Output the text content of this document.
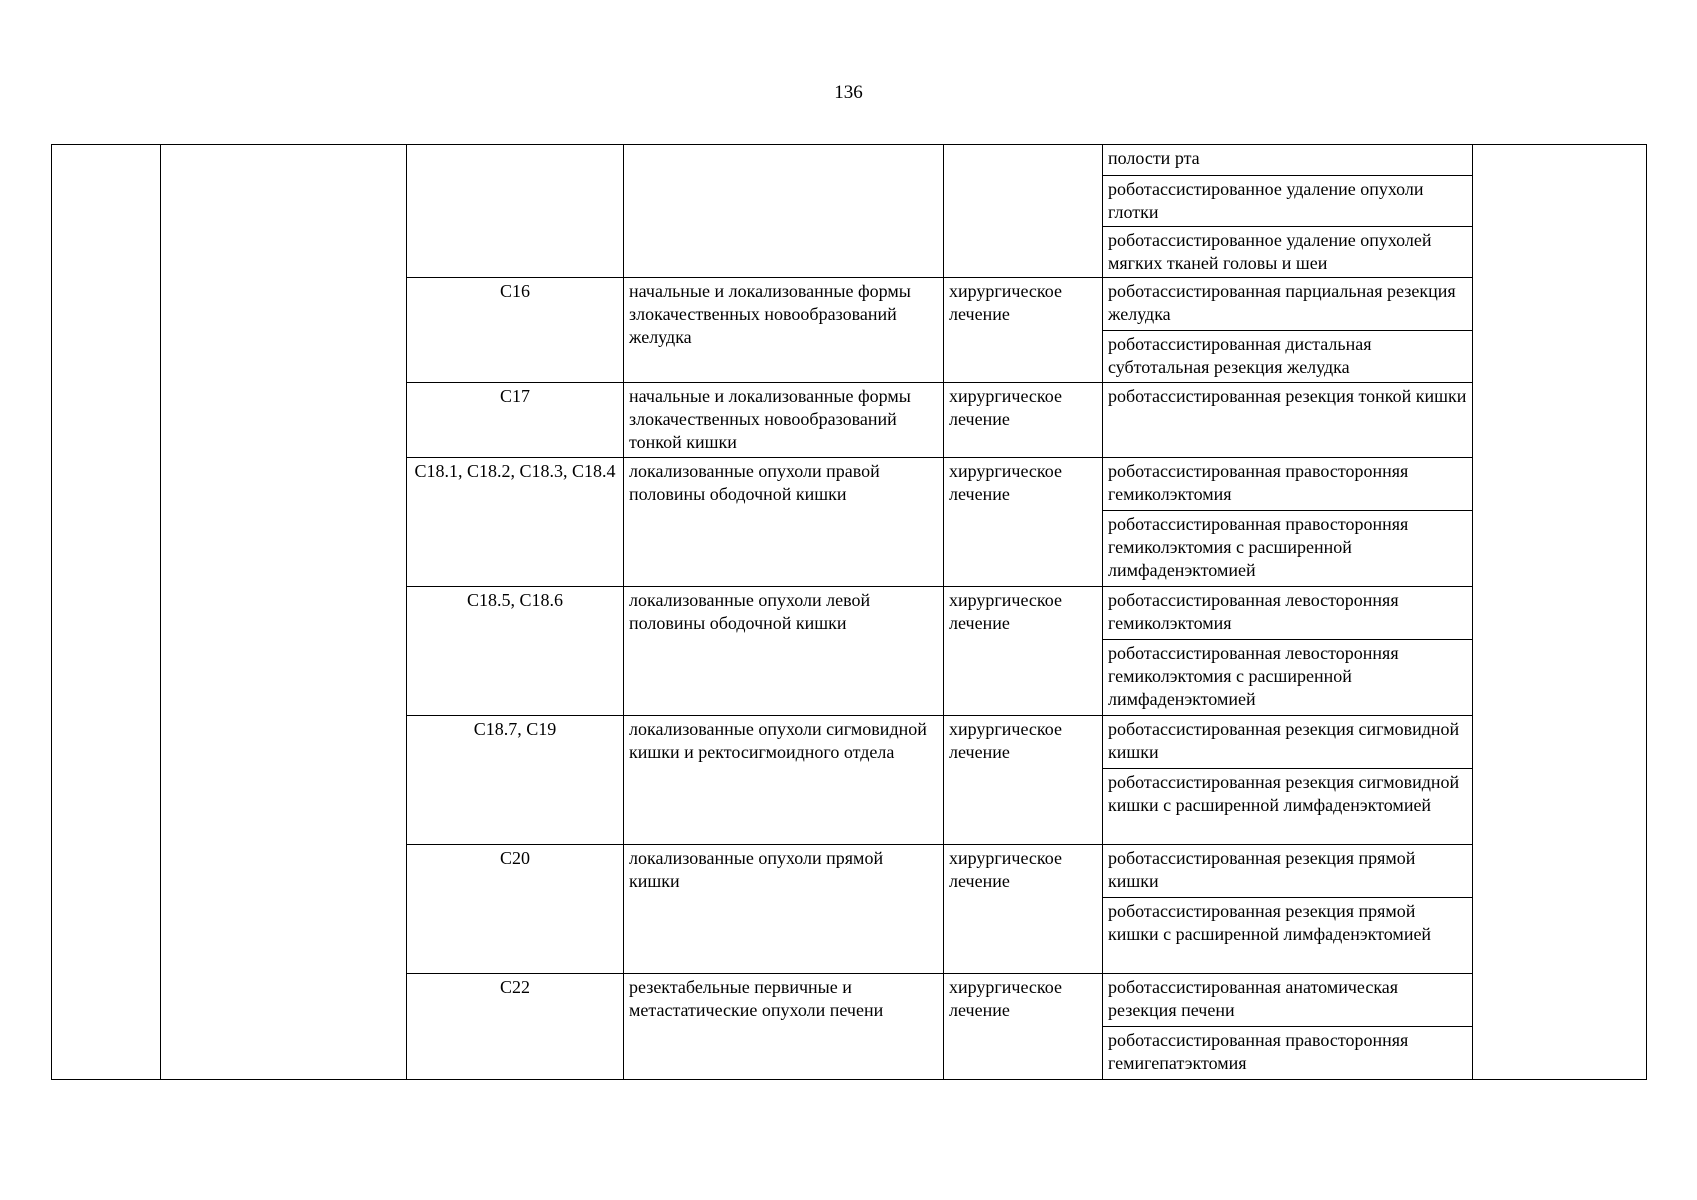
136
					полости рта	
					роботассистированное удаление опухоли глотки	
					роботассистированное удаление опухолей мягких тканей головы и шеи	
		C16	начальные и локализованные формы злокачественных новообразований желудка	хирургическое лечение	роботассистированная парциальная резекция желудка	
					роботассистированная дистальная субтотальная резекция желудка	
		C17	начальные и локализованные формы злокачественных новообразований тонкой кишки	хирургическое лечение	роботассистированная резекция тонкой кишки	
		C18.1, C18.2, C18.3, C18.4	локализованные опухоли правой половины ободочной кишки	хирургическое лечение	роботассистированная правосторонняя гемиколэктомия	
					роботассистированная правосторонняя гемиколэктомия с расширенной лимфаденэктомией	
		C18.5, C18.6	локализованные опухоли левой половины ободочной кишки	хирургическое лечение	роботассистированная левосторонняя гемиколэктомия	
					роботассистированная левосторонняя гемиколэктомия с расширенной лимфаденэктомией	
		C18.7, C19	локализованные опухоли сигмовидной кишки и ректосигмоидного отдела	хирургическое лечение	роботассистированная резекция сигмовидной кишки	
					роботассистированная резекция сигмовидной кишки с расширенной лимфаденэктомией	
		C20	локализованные опухоли прямой кишки	хирургическое лечение	роботассистированная резекция прямой кишки	
					роботассистированная резекция прямой кишки с расширенной лимфаденэктомией	
		C22	резектабельные первичные и метастатические опухоли печени	хирургическое лечение	роботассистированная анатомическая резекция печени	
					роботассистированная правосторонняя гемигепатэктомия	
